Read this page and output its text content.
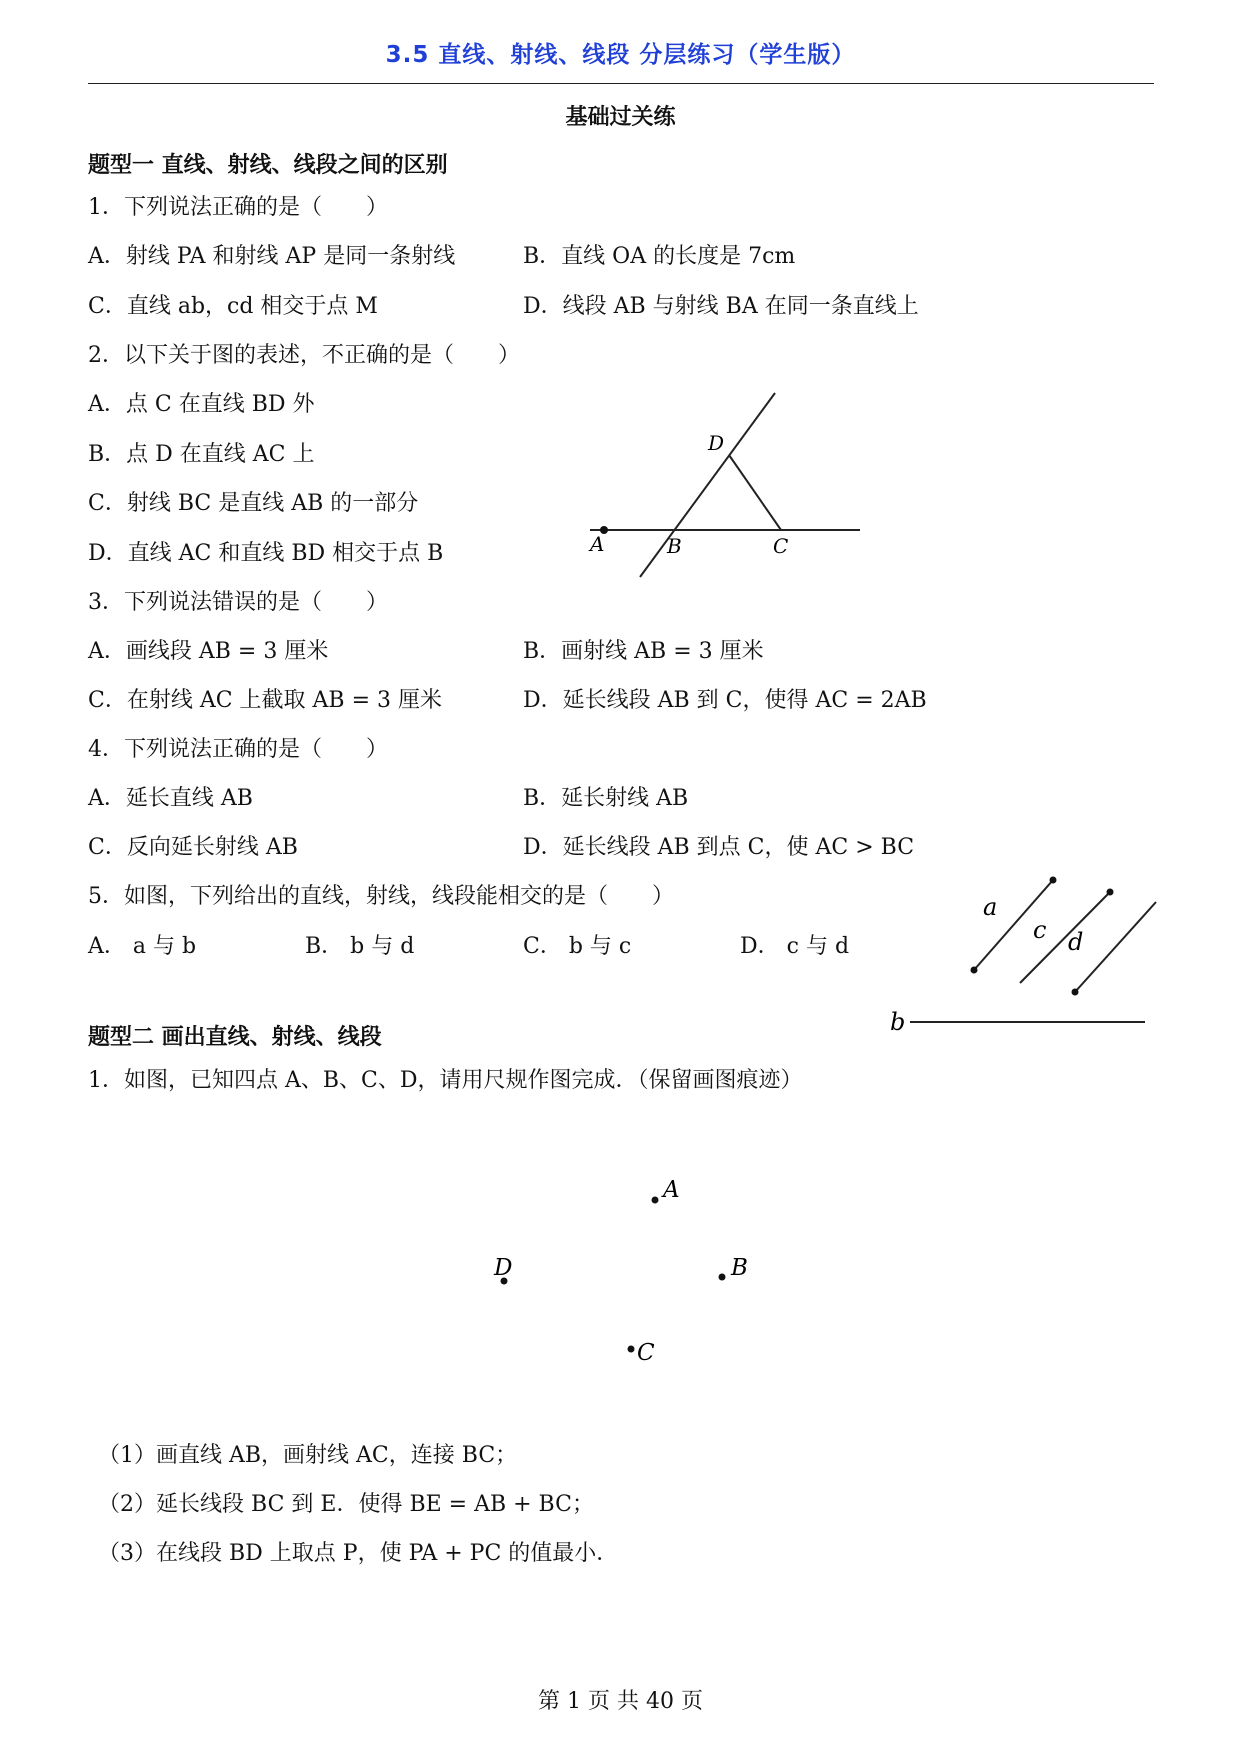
3.5 直线、射线、线段 分层练习（学生版）
基础过关练
题型一 直线、射线、线段之间的区别
1．下列说法正确的是（　　）
A．射线 PA 和射线 AP 是同一条射线	B．直线 OA 的长度是 7cm
C．直线 ab，cd 相交于点 M	D．线段 AB 与射线 BA 在同一条直线上
2．以下关于图的表述，不正确的是（　　）
A．点 C 在直线 BD 外
B．点 D 在直线 AC 上
C．射线 BC 是直线 AB 的一部分
D．直线 AC 和直线 BD 相交于点 B	A	B	C
D
3．下列说法错误的是（　　）
A．画线段 AB = 3 厘米	B．画射线 AB = 3 厘米
C．在射线 AC 上截取 AB = 3 厘米	D．延长线段 AB 到 C，使得 AC = 2AB
4．下列说法正确的是（　　）
A．延长直线 AB	B．延长射线 AB
C．反向延长射线 AB	D．延长线段 AB 到点 C，使 AC > BC
5．如图，下列给出的直线，射线，线段能相交的是（　　）
A． a 与 b	B． b 与 d	C． b 与 c	D． c 与 d
a
c d
b
题型二 画出直线、射线、线段
1．如图，已知四点 A、B、C、D，请用尺规作图完成．（保留画图痕迹）
A
D	B
C
（1）画直线 AB，画射线 AC，连接 BC；
（2）延长线段 BC 到 E．使得 BE = AB + BC；
（3）在线段 BD 上取点 P，使 PA + PC 的值最小．
第 1 页 共 40 页
